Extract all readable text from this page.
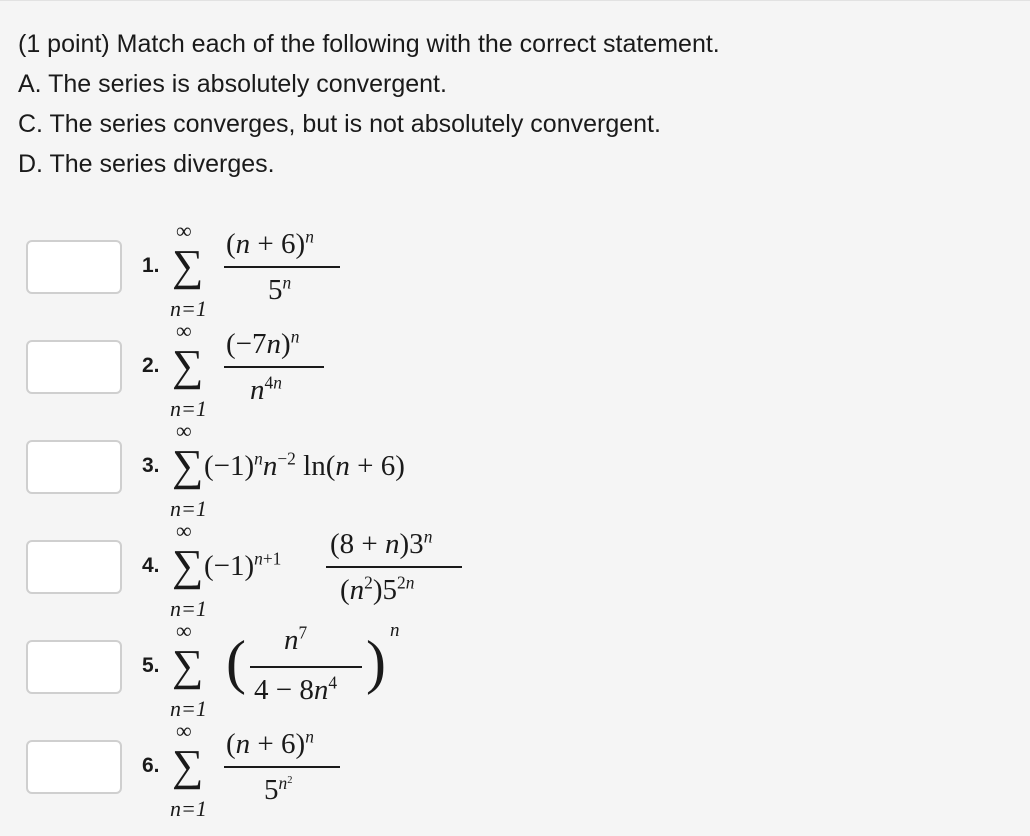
(1 point) Match each of the following with the correct statement.
A. The series is absolutely convergent.
C. The series converges, but is not absolutely convergent.
D. The series diverges.
1.
∞
∑
n=1
$(n + 6)^n$
5$^n$
2.
∞
∑
n=1
$(-7n)^n$
$n^{4n}$
3.
∞
∑
n=1
$(-1)^nn^{-2}$ ln(n + 6)
4.
∞
∑
n=1
$(-1)^{n+1}$ $(8 + n)3^n$
$(n^2)5^{2n}$
5.
∞
∑
n=1
( $n^7$
$4 - 8n^4$ ) n
6.
∞
∑
n=1
$(n + 6)^n$
$5^{n^2}$
